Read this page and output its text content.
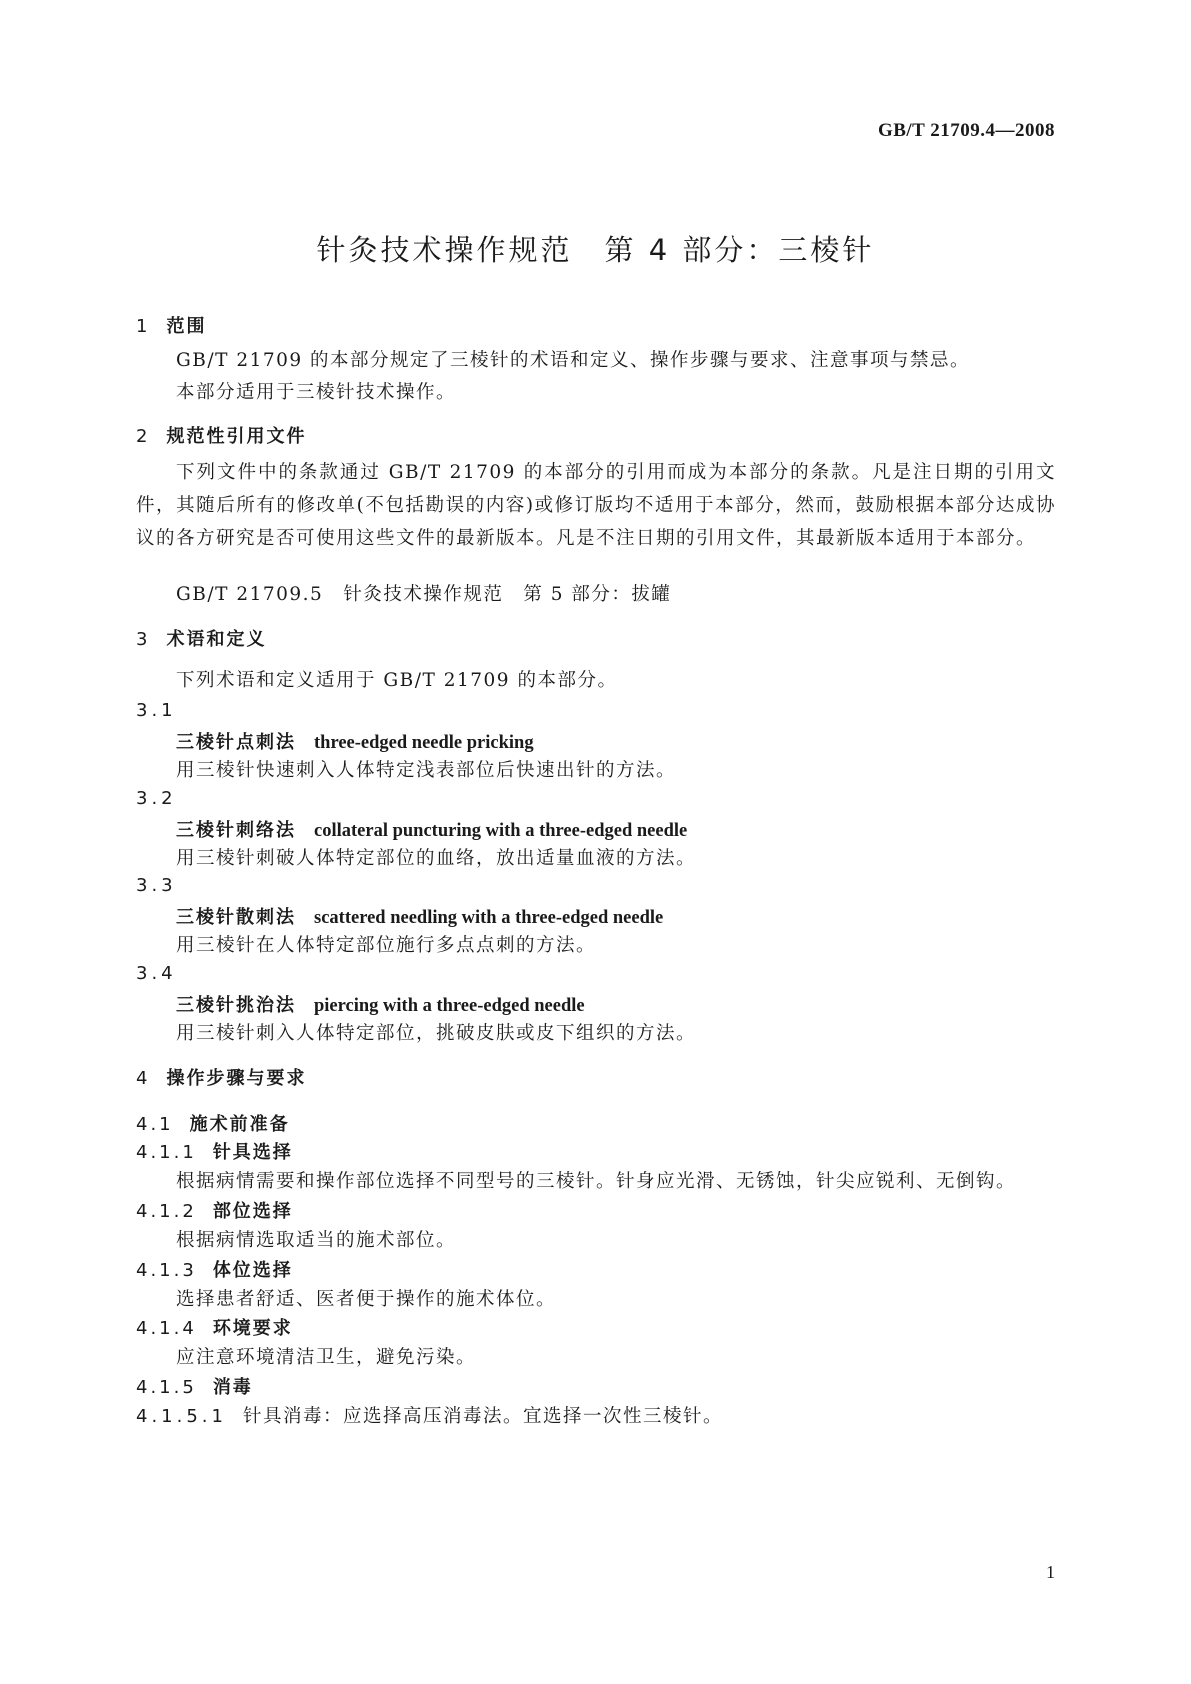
GB/T 21709.4—2008
针灸技术操作规范　第 4 部分：三棱针
1 范围
GB/T 21709 的本部分规定了三棱针的术语和定义、操作步骤与要求、注意事项与禁忌。
本部分适用于三棱针技术操作。
2 规范性引用文件
下列文件中的条款通过 GB/T 21709 的本部分的引用而成为本部分的条款。凡是注日期的引用文件，其随后所有的修改单(不包括勘误的内容)或修订版均不适用于本部分，然而，鼓励根据本部分达成协议的各方研究是否可使用这些文件的最新版本。凡是不注日期的引用文件，其最新版本适用于本部分。
GB/T 21709.5 针灸技术操作规范　第 5 部分：拔罐
3 术语和定义
下列术语和定义适用于 GB/T 21709 的本部分。
3.1
三棱针点刺法 three-edged needle pricking
用三棱针快速刺入人体特定浅表部位后快速出针的方法。
3.2
三棱针刺络法 collateral puncturing with a three-edged needle
用三棱针刺破人体特定部位的血络，放出适量血液的方法。
3.3
三棱针散刺法 scattered needling with a three-edged needle
用三棱针在人体特定部位施行多点点刺的方法。
3.4
三棱针挑治法 piercing with a three-edged needle
用三棱针刺入人体特定部位，挑破皮肤或皮下组织的方法。
4 操作步骤与要求
4.1 施术前准备
4.1.1 针具选择
根据病情需要和操作部位选择不同型号的三棱针。针身应光滑、无锈蚀，针尖应锐利、无倒钩。
4.1.2 部位选择
根据病情选取适当的施术部位。
4.1.3 体位选择
选择患者舒适、医者便于操作的施术体位。
4.1.4 环境要求
应注意环境清洁卫生，避免污染。
4.1.5 消毒
4.1.5.1 针具消毒：应选择高压消毒法。宜选择一次性三棱针。
1
